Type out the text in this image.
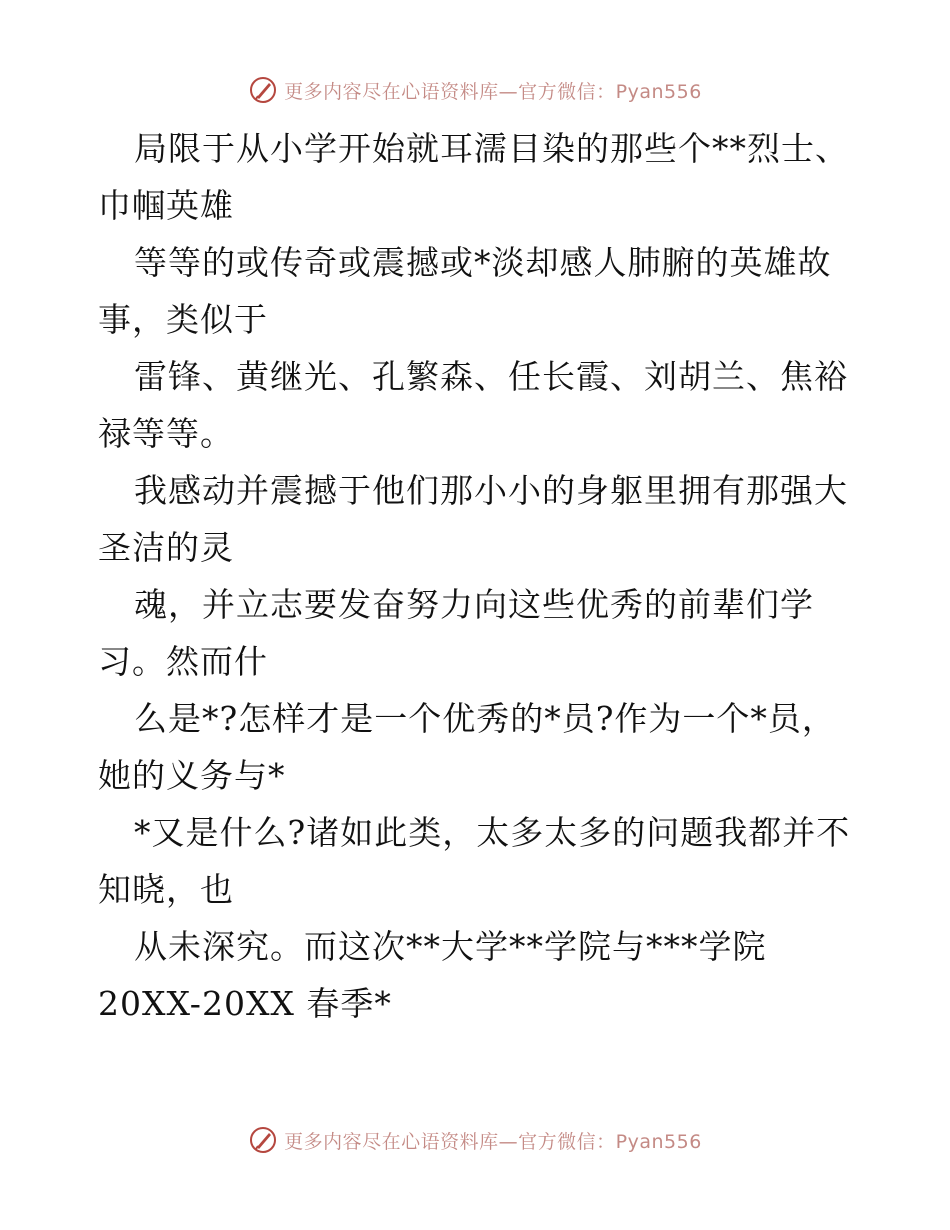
更多内容尽在心语资料库—官方微信：Pyan556
局限于从小学开始就耳濡目染的那些个**烈士、
巾帼英雄
等等的或传奇或震撼或*淡却感人肺腑的英雄故
事，类似于
雷锋、黄继光、孔繁森、任长霞、刘胡兰、焦裕
禄等等。
我感动并震撼于他们那小小的身躯里拥有那强大
圣洁的灵
魂，并立志要发奋努力向这些优秀的前辈们学
习。然而什
么是*?怎样才是一个优秀的*员?作为一个*员，
她的义务与*
*又是什么?诸如此类，太多太多的问题我都并不
知晓，也
从未深究。而这次**大学**学院与***学院
20XX-20XX 春季*
更多内容尽在心语资料库—官方微信：Pyan556
